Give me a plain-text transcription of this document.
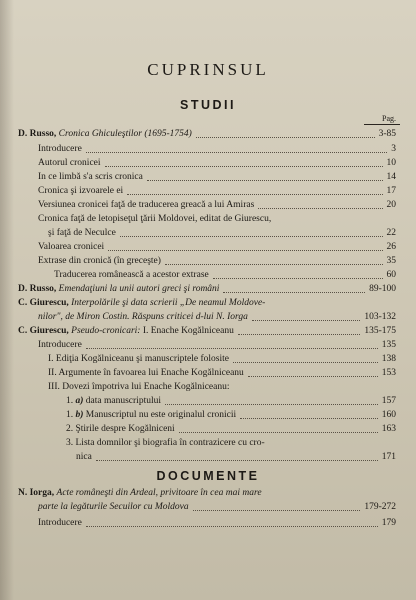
CUPRINSUL
STUDII
Pag.
DOCUMENTE
D. Russo, Cronica Ghiculeştilor (1695-1754)	3-85
Introducere	3
Autorul cronicei	10
In ce limbă s'a scris cronica	14
Cronica şi izvoarele ei	17
Versiunea cronicei faţă de traducerea greacă a lui Amiras	20
Cronica faţă de letopiseţul ţării Moldovei, editat de Giurescu,
şi faţă de Neculce	22
Valoarea cronicei	26
Extrase din cronică (în greceşte)	35
Traducerea românească a acestor extrase	60
D. Russo, Emendaţiuni la unii autori greci şi români	89-100
C. Giurescu, Interpolările şi data scrierii „De neamul Moldove-
nilor", de Miron Costin. Răspuns criticei d-lui N. Iorga	103-132
C. Giurescu, Pseudo-cronicari: I. Enache Kogălniceanu	135-175
Introducere	135
I. Ediţia Kogălniceanu şi manuscriptele folosite	138
II. Argumente în favoarea lui Enache Kogălniceanu	153
III. Dovezi împotriva lui Enache Kogălniceanu:
1. a) data manuscriptului	157
1. b) Manuscriptul nu este originalul cronicii	160
2. Ştirile despre Kogălniceni	163
3. Lista domnilor şi biografia în contrazicere cu cro-
nica	171
N. Iorga, Acte româneşti din Ardeal, privitoare în cea mai mare
parte la legăturile Secuilor cu Moldova	179-272
Introducere	179
